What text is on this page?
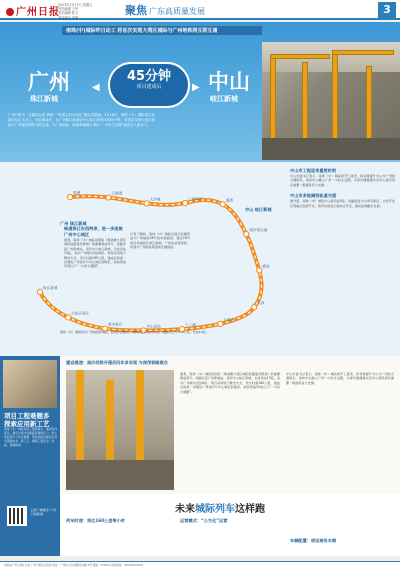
广州日报
2023年3月17日 星期五
责任编辑 王军
美术编辑 张文
责任校对 李明
聚焦 广东高质量发展	3
南珠(中)城际昨日动工 将首次实现大湾区城际与广州地铁网互联互通
广州
珠江新城
中山
岐江新城
◀	▶
45分钟
项目建成后
广州日报讯（全媒体记者 黄敏）“轨道上的大湾区”建设再提速。3月16日，南珠（中）城际项目在南沙区正式动工。项目建成后，从广州珠江新城到中山岐江新城只需45分钟，将首次实现大湾区城际与广州地铁网的互联互通，为广州南拓、助推粤港澳大湾区“一小时生活圈”建设注入新动力。
琶洲	万胜围
大学城	广州南站	番禺
南沙客运港
横沥
大岗
万顷沙
十二涌
中山北站
翠亨新区
火炬开发区
岐江新城
广州 珠江新城
中山 岐江新城
畅通珠江东西两岸，进一步连接广州中心城区
据悉，南珠（中）城际是国家《粤港澳大湾区城际铁路建设规划》的重要组成部分，线路北起广州新城站，南至中山岐江新城，全线设站13座，其中广州境内设站6座。项目采用地下敷设方式，设计时速160公里，建成后将进一步强化广州南沙与中心城区的联系，加快形成环珠江口“一小时交通圈”。
记者了解到，南珠（中）城际在南沙区横沥站与广州地铁18号线实现换乘，通过18号线可快速到达珠江新城、广州东站等枢纽，实现与广州地铁网络的无缝衔接。
中山市工程迎来重要时刻
中山市委书记表示，南珠（中）城际的开工建设，将有效提升中山与广州的交通联系，加快中山融入广州一小时生活圈，为深中通道通车后中山建设湾区重要一极提供有力支撑。
中山市多地阔别轨道交通
据介绍，南珠（中）城际中山段设站5座，线路经过中山翠亨新区、火炬开发区等重点发展平台，将带动沿线土地综合开发，推动站城融合发展。
南珠（中）城际起自广州地铁新城站，经南沙区横沥，横跨珠江口进入中山，线路全长约71.2公里，设站13座。
项目工程难题多 探索应用新工艺
南珠（中）城际项目工程规模大、地质条件复杂，建设过程中将面临穿越珠江口、软土地层等多个技术难题，项目团队将探索应用多项新技术、新工艺，确保工程安全、优质、高效推进。
扫码了解更多 广州日报新闻
建设提速：南沙西铁开通后四年多实现 与深茂铁路联合
据悉，南珠（中）城际是国家《粤港澳大湾区城际铁路建设规划》的重要组成部分，线路北起广州新城站，南至中山岐江新城，全线设站13座，其中广州境内设站6座。项目采用地下敷设方式，设计时速160公里，建成后将进一步强化广州南沙与中心城区的联系，加快形成环珠江口“一小时交通圈”。
中山市委书记表示，南珠（中）城际的开工建设，将有效提升中山与广州的交通联系，加快中山融入广州一小时生活圈，为深中通道通车后中山建设湾区重要一极提供有力支撑。
未来城际列车这样跑
列车时速：将达160公里每小时	运营模式：“公交化”运营
车辆配置：或设商务车厢
本版由广州日报社出品 广州日报报业集团 地址：广州市人民中路同乐路10号 邮编：510121 新闻热线：020-81919191
